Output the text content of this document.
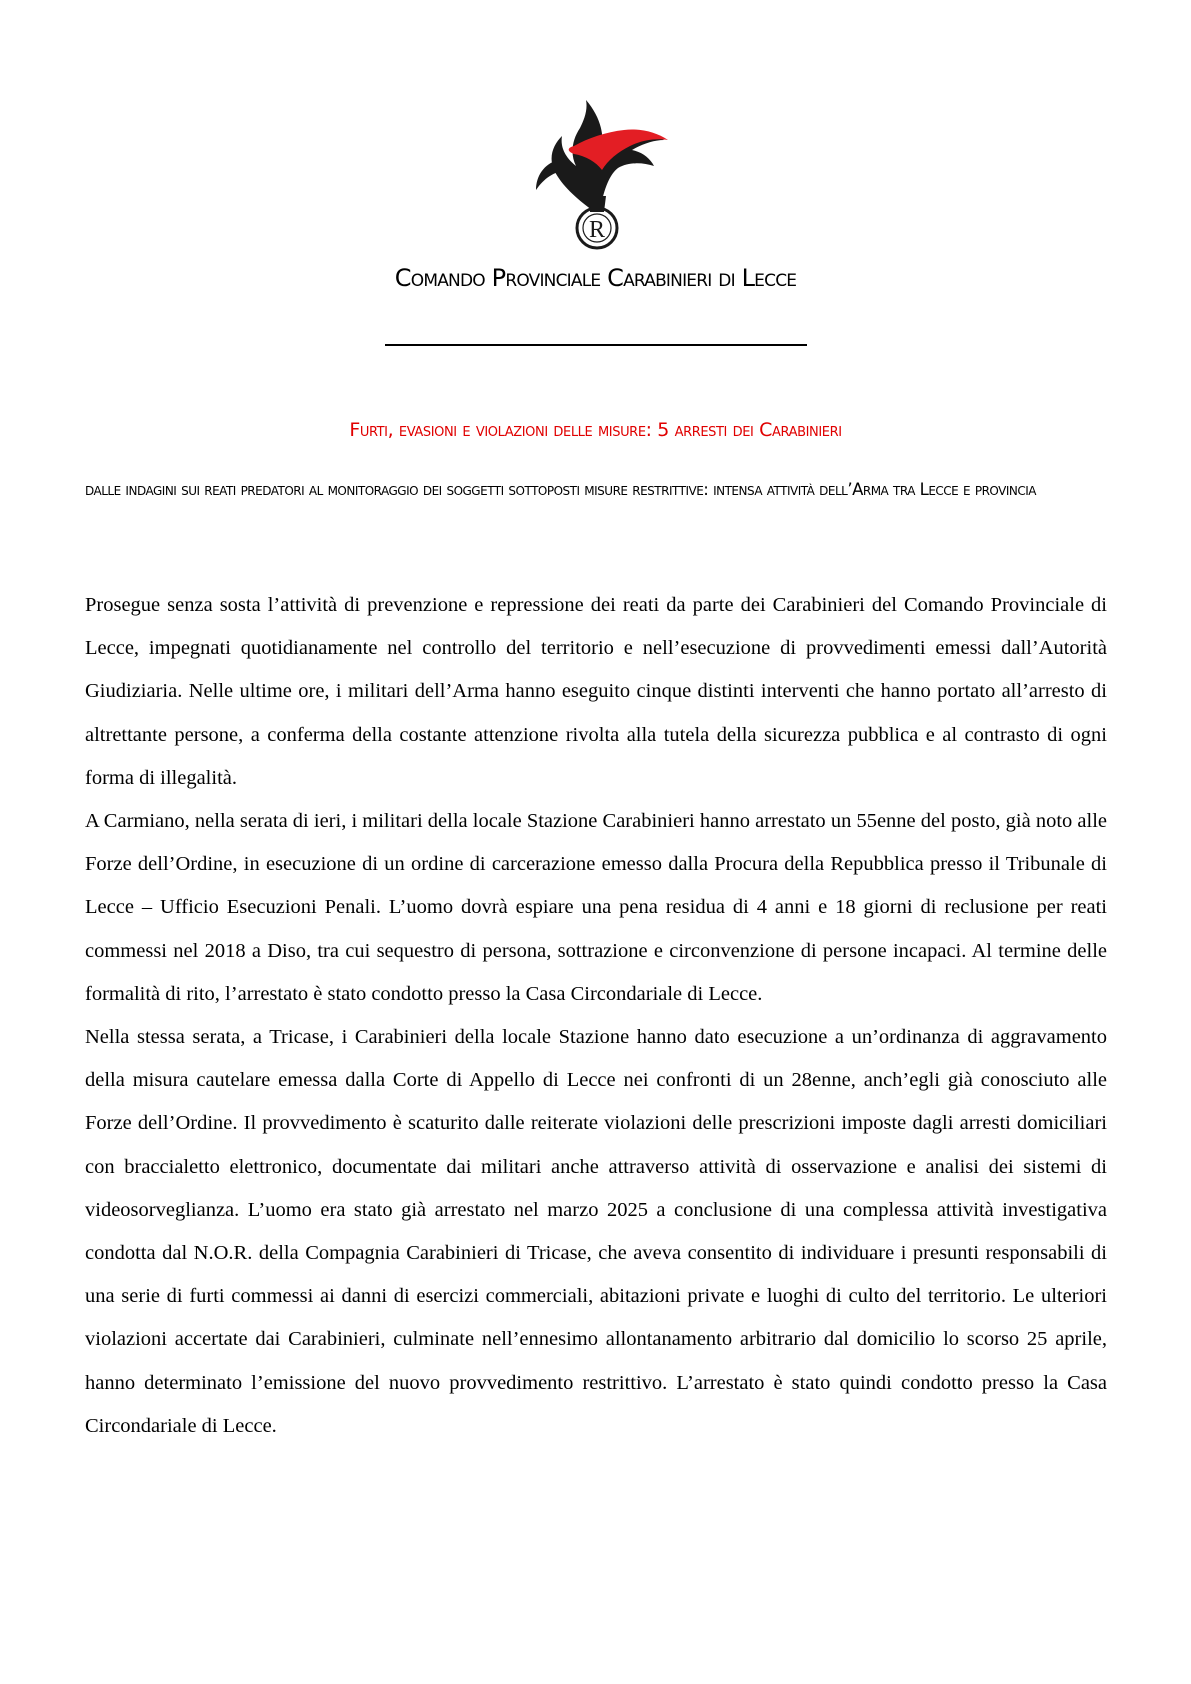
R
Comando Provinciale Carabinieri di Lecce
Furti, evasioni e violazioni delle misure: 5 arresti dei Carabinieri
dalle indagini sui reati predatori al monitoraggio dei soggetti sottoposti misure restrittive: intensa attività dell’Arma tra Lecce e provincia

Prosegue senza sosta l’attività di prevenzione e repressione dei reati da parte dei Carabinieri del Comando Provinciale di Lecce, impegnati quotidianamente nel controllo del territorio e nell’esecuzione di provvedimenti emessi dall’Autorità Giudiziaria. Nelle ultime ore, i militari dell’Arma hanno eseguito cinque distinti interventi che hanno portato all’arresto di altrettante persone, a conferma della costante attenzione rivolta alla tutela della sicurezza pubblica e al contrasto di ogni forma di illegalità.

A Carmiano, nella serata di ieri, i militari della locale Stazione Carabinieri hanno arrestato un 55enne del posto, già noto alle Forze dell’Ordine, in esecuzione di un ordine di carcerazione emesso dalla Procura della Repubblica presso il Tribunale di Lecce – Ufficio Esecuzioni Penali. L’uomo dovrà espiare una pena residua di 4 anni e 18 giorni di reclusione per reati commessi nel 2018 a Diso, tra cui sequestro di persona, sottrazione e circonvenzione di persone incapaci. Al termine delle formalità di rito, l’arrestato è stato condotto presso la Casa Circondariale di Lecce.

Nella stessa serata, a Tricase, i Carabinieri della locale Stazione hanno dato esecuzione a un’ordinanza di aggravamento della misura cautelare emessa dalla Corte di Appello di Lecce nei confronti di un 28enne, anch’egli già conosciuto alle Forze dell’Ordine. Il provvedimento è scaturito dalle reiterate violazioni delle prescrizioni imposte dagli arresti domiciliari con braccialetto elettronico, documentate dai militari anche attraverso attività di osservazione e analisi dei sistemi di videosorveglianza. L’uomo era stato già arrestato nel marzo 2025 a conclusione di una complessa attività investigativa condotta dal N.O.R. della Compagnia Carabinieri di Tricase, che aveva consentito di individuare i presunti responsabili di una serie di furti commessi ai danni di esercizi commerciali, abitazioni private e luoghi di culto del territorio. Le ulteriori violazioni accertate dai Carabinieri, culminate nell’ennesimo allontanamento arbitrario dal domicilio lo scorso 25 aprile, hanno determinato l’emissione del nuovo provvedimento restrittivo. L’arrestato è stato quindi condotto presso la Casa Circondariale di Lecce.
